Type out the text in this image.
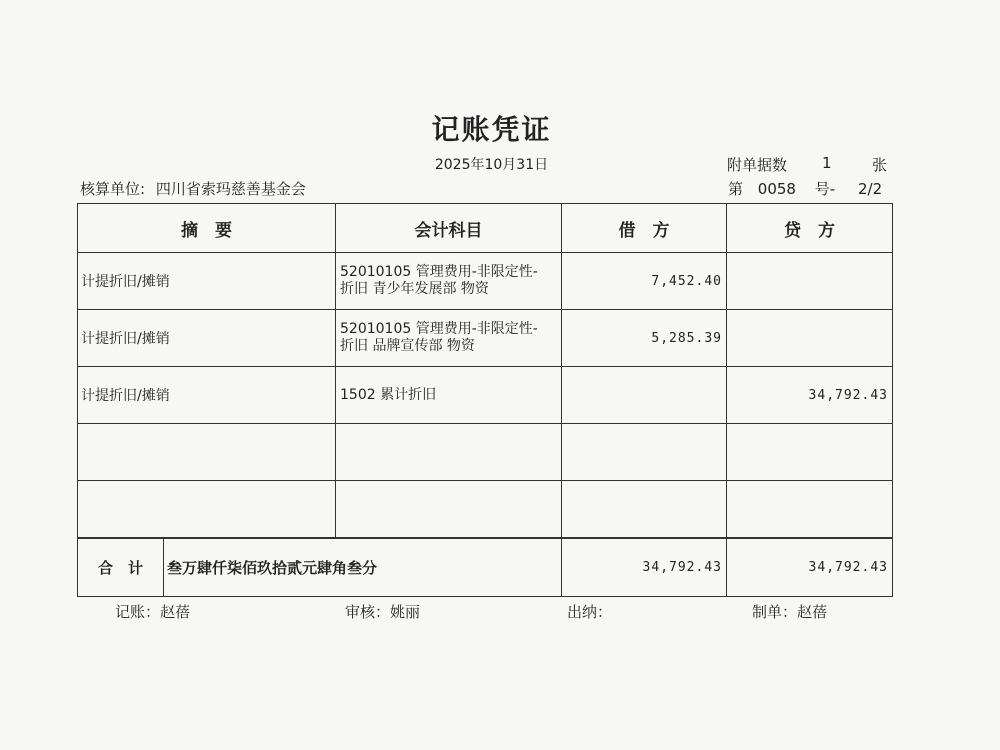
记账凭证
2025年10月31日	附单据数 1	张
核算单位: 四川省索玛慈善基金会	第 0058 号- 2/2
摘　要		会计科目	借　方	贷　方
计提折旧/摊销		52010105 管理费用-非限定性-
折旧 青少年发展部 物资	7,452.40	
计提折旧/摊销		52010105 管理费用-非限定性-
折旧 品牌宣传部 物资	5,285.39	
计提折旧/摊销		1502 累计折旧		34,792.43

合　计	叁万肆仟柒佰玖拾贰元肆角叁分		34,792.43	34,792.43
记账：赵蓓	审核：姚丽	出纳：	制单：赵蓓
